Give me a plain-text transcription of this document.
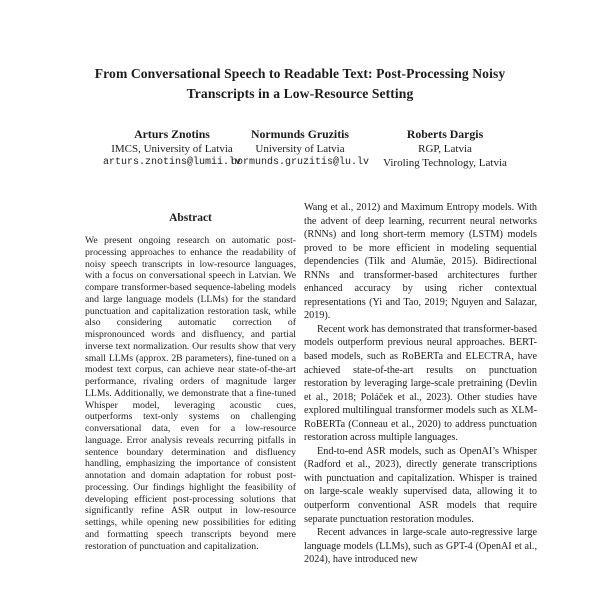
From Conversational Speech to Readable Text: Post-Processing Noisy
Transcripts in a Low-Resource Setting
Arturs Znotins
IMCS, University of Latvia
arturs.znotins@lumii.lv
Normunds Gruzitis
University of Latvia
normunds.gruzitis@lu.lv
Roberts Dargis
RGP, Latvia
Viroling Technology, Latvia
Abstract
We present ongoing research on automatic post-processing approaches to enhance the readability of noisy speech transcripts in low-resource languages, with a focus on conversational speech in Latvian. We compare transformer-based sequence-labeling models and large language models (LLMs) for the standard punctuation and capitalization restoration task, while also considering automatic correction of mispronounced words and disfluency, and partial inverse text normalization. Our results show that very small LLMs (approx. 2B parameters), fine-tuned on a modest text corpus, can achieve near state-of-the-art performance, rivaling orders of magnitude larger LLMs. Additionally, we demonstrate that a fine-tuned Whisper model, leveraging acoustic cues, outperforms text-only systems on challenging conversational data, even for a low-resource language. Error analysis reveals recurring pitfalls in sentence boundary determination and disfluency handling, emphasizing the importance of consistent annotation and domain adaptation for robust post-processing. Our findings highlight the feasibility of developing efficient post-processing solutions that significantly refine ASR output in low-resource settings, while opening new possibilities for editing and formatting speech transcripts beyond mere restoration of punctuation and capitalization.

Wang et al., 2012) and Maximum Entropy models. With the advent of deep learning, recurrent neural networks (RNNs) and long short-term memory (LSTM) models proved to be more efficient in modeling sequential dependencies (Tilk and Alumäe, 2015). Bidirectional RNNs and transformer-based architectures further enhanced accuracy by using richer contextual representations (Yi and Tao, 2019; Nguyen and Salazar, 2019).

Recent work has demonstrated that transformer-based models outperform previous neural approaches. BERT-based models, such as RoBERTa and ELECTRA, have achieved state-of-the-art results on punctuation restoration by leveraging large-scale pretraining (Devlin et al., 2018; Poláček et al., 2023). Other studies have explored multilingual transformer models such as XLM-RoBERTa (Conneau et al., 2020) to address punctuation restoration across multiple languages.

End-to-end ASR models, such as OpenAI’s Whisper (Radford et al., 2023), directly generate transcriptions with punctuation and capitalization. Whisper is trained on large-scale weakly supervised data, allowing it to outperform conventional ASR models that require separate punctuation restoration modules.

Recent advances in large-scale auto-regressive large language models (LLMs), such as GPT-4 (OpenAI et al., 2024), have introduced new
